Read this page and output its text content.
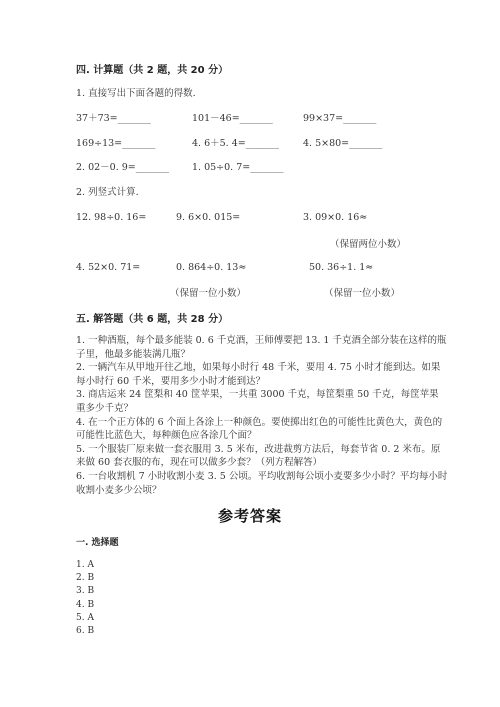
四. 计算题（共 2 题，共 20 分）
1. 直接写出下面各题的得数.
37＋73=_______	101－46=_______	99×37=_______
169÷13=_______	4. 6＋5. 4=_______	4. 5×80=_______
2. 02－0. 9=_______ 1. 05÷0. 7=_______
2. 列竖式计算.
12. 98÷0. 16=	9. 6×0. 015=	3. 09×0. 16≈
（保留两位小数）
4. 52×0. 71=	0. 864÷0. 13≈	50. 36÷1. 1≈
（保留一位小数）	（保留一位小数）
五. 解答题（共 6 题，共 28 分）
1. 一种酒瓶，每个最多能装 0. 6 千克酒，王师傅要把 13. 1 千克酒全部分装在这样的瓶子里，他最多能装满几瓶？
2. 一辆汽车从甲地开往乙地，如果每小时行 48 千米，要用 4. 75 小时才能到达。如果每小时行 60 千米，要用多少小时才能到达？
3. 商店运来 24 筐梨和 40 筐苹果，一共重 3000 千克，每筐梨重 50 千克，每筐苹果重多少千克？
4. 在一个正方体的 6 个面上各涂上一种颜色。要使掷出红色的可能性比黄色大，黄色的可能性比蓝色大，每种颜色应各涂几个面？
5. 一个服装厂原来做一套衣服用 3. 5 米布，改进裁剪方法后，每套节省 0. 2 米布。原来做 60 套衣服的布，现在可以做多少套？（列方程解答）
6. 一台收割机 7 小时收割小麦 3. 5 公顷。平均收割每公顷小麦要多少小时？平均每小时收割小麦多少公顷？
参考答案
一. 选择题
1. A
2. B
3. B
4. B
5. A
6. B
